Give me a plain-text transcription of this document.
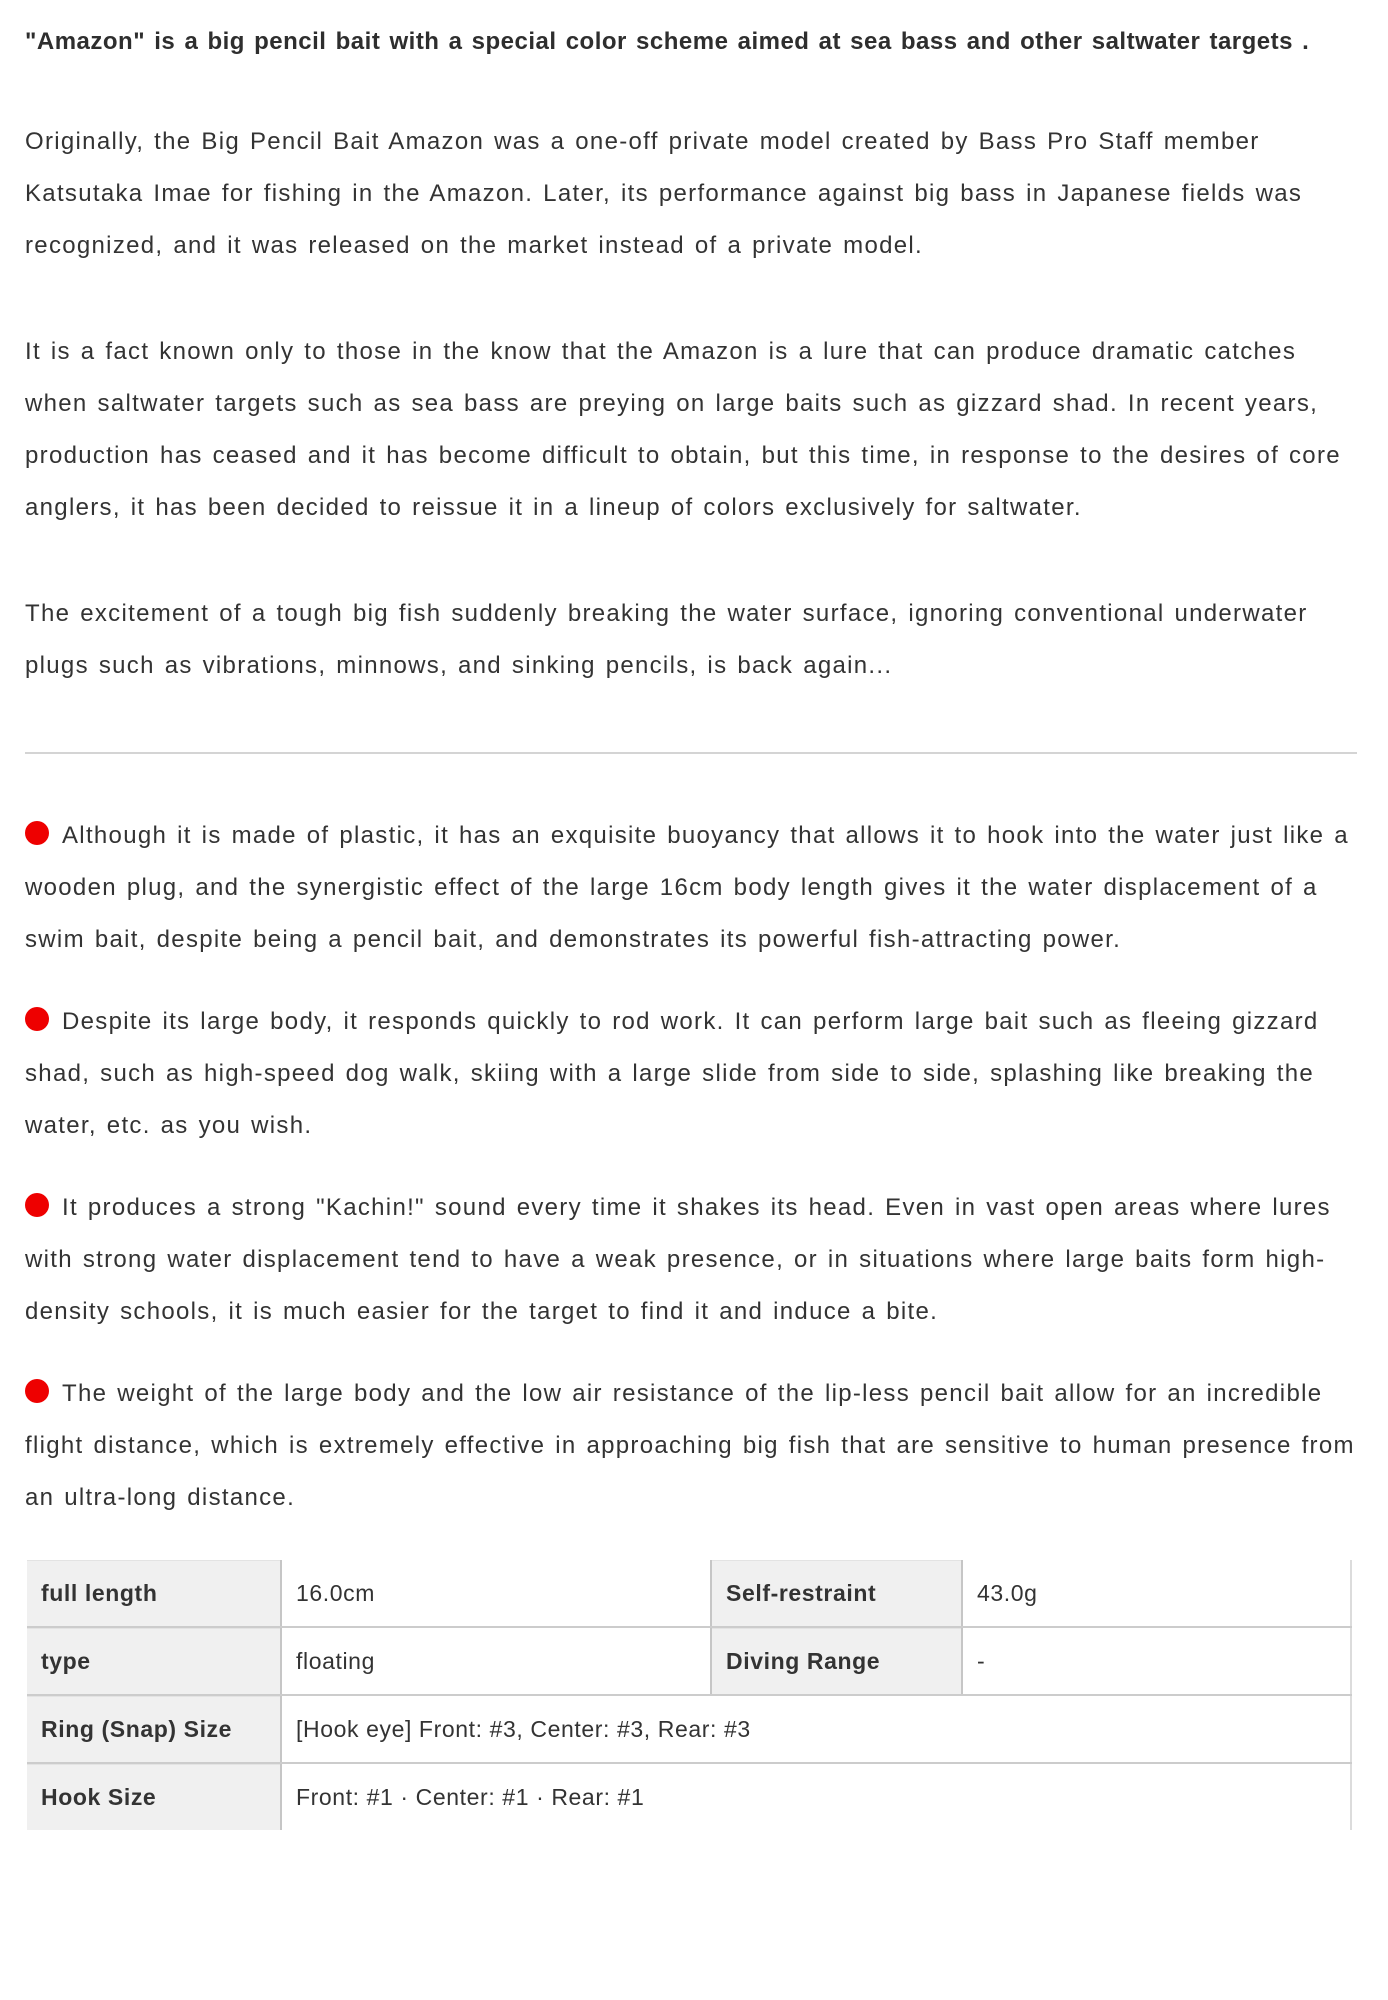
"Amazon" is a big pencil bait with a special color scheme aimed at sea bass and other saltwater targets .

Originally, the Big Pencil Bait Amazon was a one-off private model created by Bass Pro Staff member Katsutaka Imae for fishing in the Amazon. Later, its performance against big bass in Japanese fields was recognized, and it was released on the market instead of a private model.

It is a fact known only to those in the know that the Amazon is a lure that can produce dramatic catches when saltwater targets such as sea bass are preying on large baits such as gizzard shad. In recent years, production has ceased and it has become difficult to obtain, but this time, in response to the desires of core anglers, it has been decided to reissue it in a lineup of colors exclusively for saltwater.

The excitement of a tough big fish suddenly breaking the water surface, ignoring conventional underwater plugs such as vibrations, minnows, and sinking pencils, is back again...

Although it is made of plastic, it has an exquisite buoyancy that allows it to hook into the water just like a wooden plug, and the synergistic effect of the large 16cm body length gives it the water displacement of a swim bait, despite being a pencil bait, and demonstrates its powerful fish-attracting power.

Despite its large body, it responds quickly to rod work. It can perform large bait such as fleeing gizzard shad, such as high-speed dog walk, skiing with a large slide from side to side, splashing like breaking the water, etc. as you wish.

It produces a strong "Kachin!" sound every time it shakes its head. Even in vast open areas where lures with strong water displacement tend to have a weak presence, or in situations where large baits form high-density schools, it is much easier for the target to find it and induce a bite.

The weight of the large body and the low air resistance of the lip-less pencil bait allow for an incredible flight distance, which is extremely effective in approaching big fish that are sensitive to human presence from an ultra-long distance.

full length	16.0cm	Self-restraint	43.0g
type	floating	Diving Range	-
Ring (Snap) Size	[Hook eye] Front: #3, Center: #3, Rear: #3		
Hook Size	Front: #1 · Center: #1 · Rear: #1		
